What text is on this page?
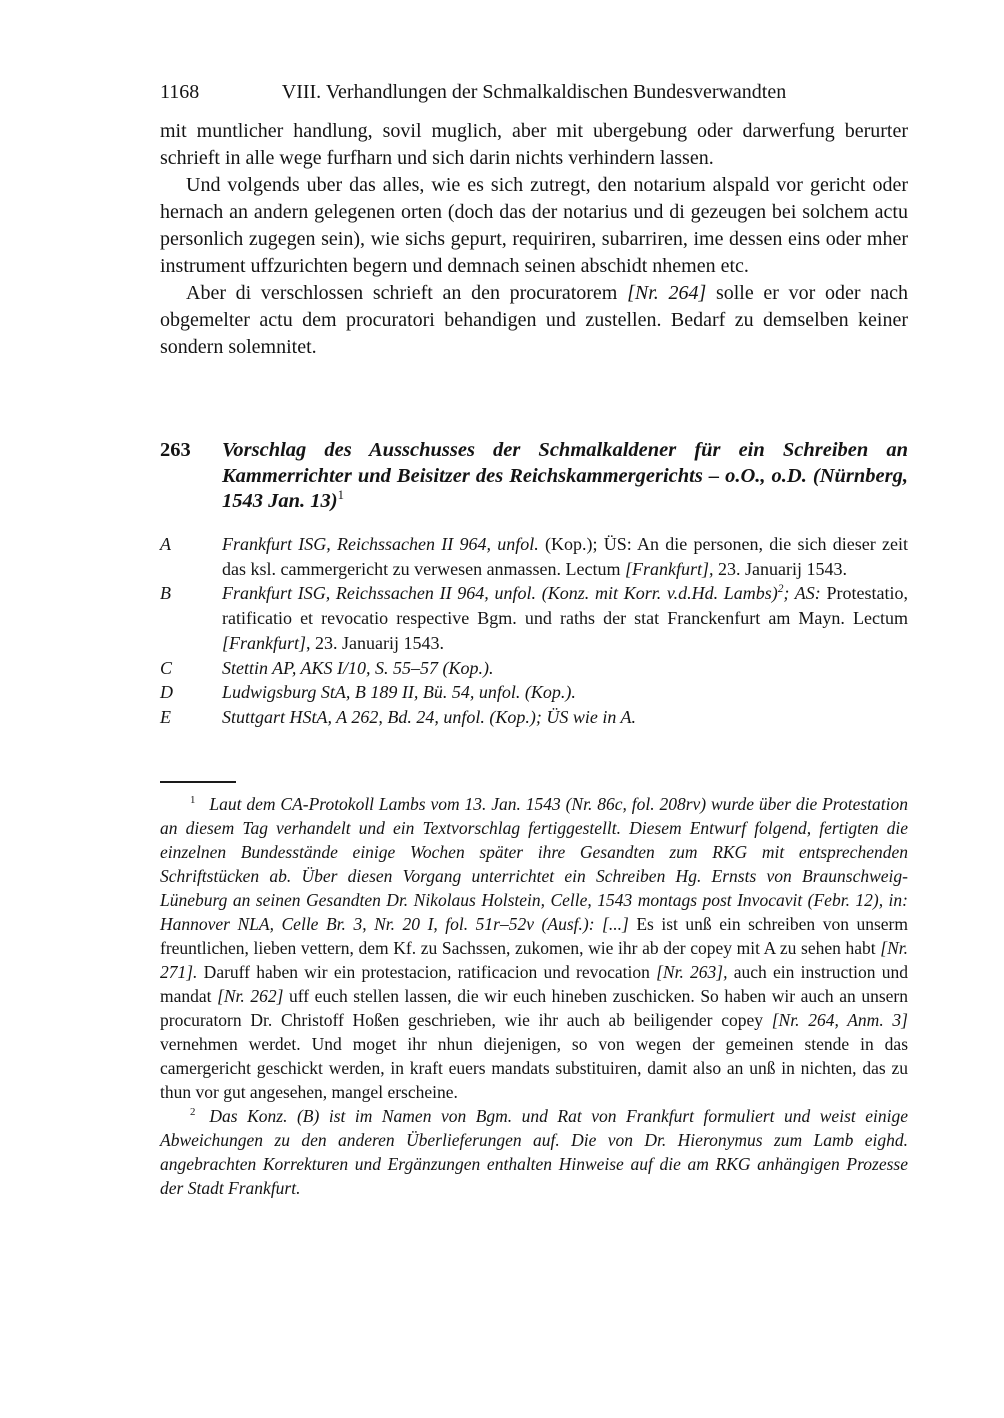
1168	VIII. Verhandlungen der Schmalkaldischen Bundesverwandten

mit muntlicher handlung, sovil muglich, aber mit ubergebung oder darwerfung berurter schrieft in alle wege furfharn und sich darin nichts verhindern lassen.

Und volgends uber das alles, wie es sich zutregt, den notarium alspald vor gericht oder hernach an andern gelegenen orten (doch das der notarius und di gezeugen bei solchem actu personlich zugegen sein), wie sichs gepurt, requiriren, subarriren, ime dessen eins oder mher instrument uffzurichten begern und demnach seinen abschidt nhemen etc.

Aber di verschlossen schrieft an den procuratorem [Nr. 264] solle er vor oder nach obgemelter actu dem procuratori behandigen und zustellen. Bedarf zu demselben keiner sondern solemnitet.

263	Vorschlag des Ausschusses der Schmalkaldener für ein Schreiben an Kammerrichter und Beisitzer des Reichskammergerichts – o.O., o.D. (Nürnberg, 1543 Jan. 13)$^1$
A	Frankfurt ISG, Reichssachen II 964, unfol. (Kop.); ÜS: An die personen, die sich dieser zeit das ksl. cammergericht zu verwesen anmassen. Lectum [Frankfurt], 23. Januarij 1543.
B	Frankfurt ISG, Reichssachen II 964, unfol. (Konz. mit Korr. v.d.Hd. Lambs)$^2$; AS: Protestatio, ratificatio et revocatio respective Bgm. und raths der stat Franckenfurt am Mayn. Lectum [Frankfurt], 23. Januarij 1543.
C	Stettin AP, AKS I/10, S. 55–57 (Kop.).
D	Ludwigsburg StA, B 189 II, Bü. 54, unfol. (Kop.).
E	Stuttgart HStA, A 262, Bd. 24, unfol. (Kop.); ÜS wie in A.

$^1$ Laut dem CA-Protokoll Lambs vom 13. Jan. 1543 (Nr. 86c, fol. 208rv) wurde über die Protestation an diesem Tag verhandelt und ein Textvorschlag fertiggestellt. Diesem Entwurf folgend, fertigten die einzelnen Bundesstände einige Wochen später ihre Gesandten zum RKG mit entsprechenden Schriftstücken ab. Über diesen Vorgang unterrichtet ein Schreiben Hg. Ernsts von Braunschweig-Lüneburg an seinen Gesandten Dr. Nikolaus Holstein, Celle, 1543 montags post Invocavit (Febr. 12), in: Hannover NLA, Celle Br. 3, Nr. 20 I, fol. 51r–52v (Ausf.): [...] Es ist unß ein schreiben von unserm freuntlichen, lieben vettern, dem Kf. zu Sachssen, zukomen, wie ihr ab der copey mit A zu sehen habt [Nr. 271]. Daruff haben wir ein protestacion, ratificacion und revocation [Nr. 263], auch ein instruction und mandat [Nr. 262] uff euch stellen lassen, die wir euch hineben zuschicken. So haben wir auch an unsern procuratorn Dr. Christoff Hoßen geschrieben, wie ihr auch ab beiligender copey [Nr. 264, Anm. 3] vernehmen werdet. Und moget ihr nhun diejenigen, so von wegen der gemeinen stende in das camergericht geschickt werden, in kraft euers mandats substituiren, damit also an unß in nichten, das zu thun vor gut angesehen, mangel erscheine.

$^2$ Das Konz. (B) ist im Namen von Bgm. und Rat von Frankfurt formuliert und weist einige Abweichungen zu den anderen Überlieferungen auf. Die von Dr. Hieronymus zum Lamb eighd. angebrachten Korrekturen und Ergänzungen enthalten Hinweise auf die am RKG anhängigen Prozesse der Stadt Frankfurt.
